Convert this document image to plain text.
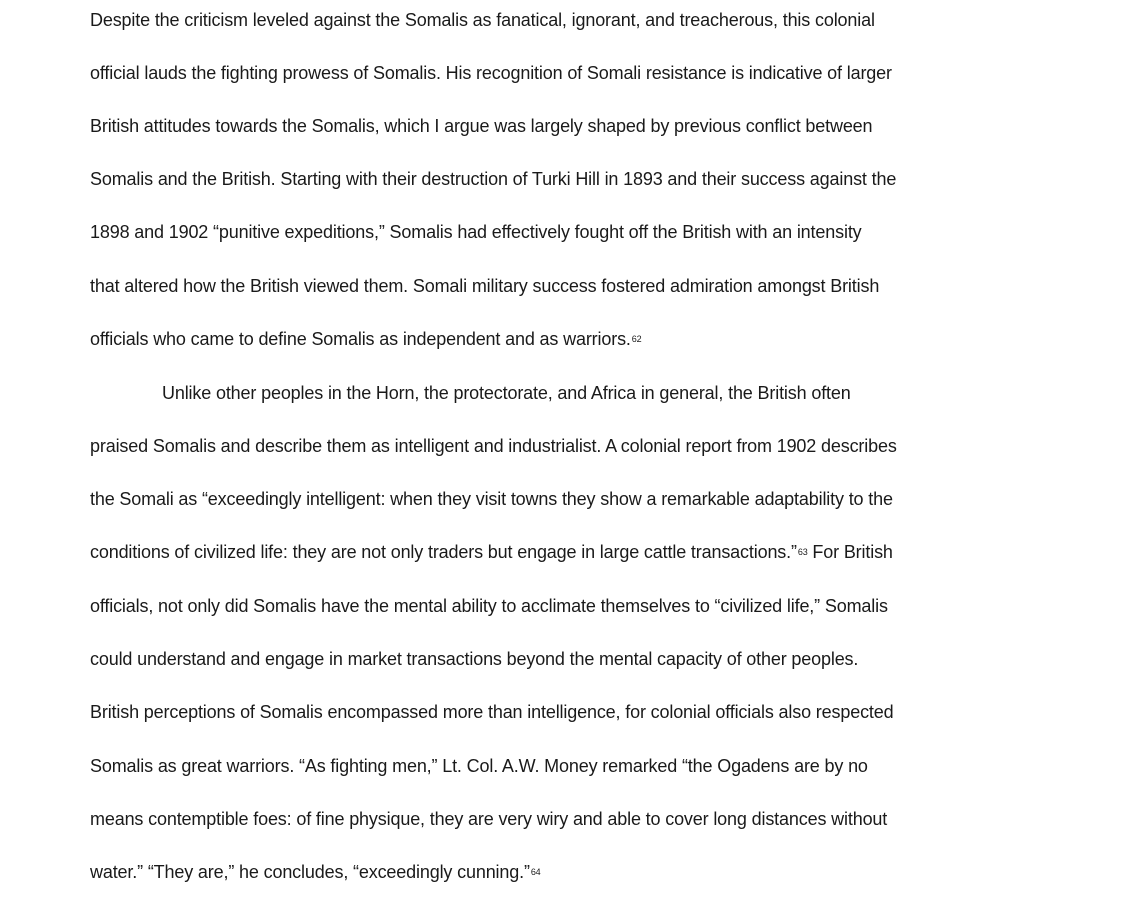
Despite the criticism leveled against the Somalis as fanatical, ignorant, and treacherous, this colonial
official lauds the fighting prowess of Somalis. His recognition of Somali resistance is indicative of larger
British attitudes towards the Somalis, which I argue was largely shaped by previous conflict between
Somalis and the British. Starting with their destruction of Turki Hill in 1893 and their success against the
1898 and 1902 “punitive expeditions,” Somalis had effectively fought off the British with an intensity
that altered how the British viewed them. Somali military success fostered admiration amongst British
officials who came to define Somalis as independent and as warriors.$^{62}$
Unlike other peoples in the Horn, the protectorate, and Africa in general, the British often
praised Somalis and describe them as intelligent and industrialist. A colonial report from 1902 describes
the Somali as “exceedingly intelligent: when they visit towns they show a remarkable adaptability to the
conditions of civilized life: they are not only traders but engage in large cattle transactions.”$^{63}$ For British
officials, not only did Somalis have the mental ability to acclimate themselves to “civilized life,” Somalis
could understand and engage in market transactions beyond the mental capacity of other peoples.
British perceptions of Somalis encompassed more than intelligence, for colonial officials also respected
Somalis as great warriors. “As fighting men,” Lt. Col. A.W. Money remarked “the Ogadens are by no
means contemptible foes: of fine physique, they are very wiry and able to cover long distances without
water.” “They are,” he concludes, “exceedingly cunning.”$^{64}$
